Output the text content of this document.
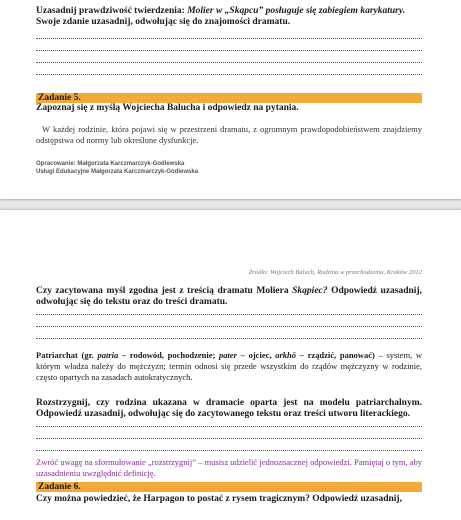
Uzasadnij prawdziwość twierdzenia: Molier w „Skąpcu” posługuje się zabiegiem karykatury.
Swoje zdanie uzasadnij, odwołując się do znajomości dramatu.
Zadanie 5.
Zapoznaj się z myślą Wojciecha Balucha i odpowiedz na pytania.
W każdej rodzinie, która pojawi się w przestrzeni dramatu, z ogromnym prawdopodobieństwem znajdziemy odstępstwa od normy lub określone dysfunkcje.
Opracowanie: Małgorzata Karczmarczyk-Godlewska
Usługi Edukacyjne Małgorzata Karczmarczyk-Godlewska
Źródło: Wojciech Baluch, Rodzina w przechodzeniu, Kraków 2012
Czy zacytowana myśl zgodna jest z treścią dramatu Moliera Skąpiec? Odpowiedź uzasadnij, odwołując się do tekstu oraz do treści dramatu.
Patriarchat (gr. patria – rodowód, pochodzenie; pater – ojciec, arkhō – rządzić, panować) – system, w którym władza należy do mężczyzn; termin odnosi się przede wszystkim do rządów mężczyzny w rodzinie, często opartych na zasadach autokratycznych.
Rozstrzygnij, czy rodzina ukazana w dramacie oparta jest na modelu patriarchalnym. Odpowiedź uzasadnij, odwołując się do zacytowanego tekstu oraz treści utworu literackiego.
Zwróć uwagę na sformułowanie „rozstrzygnij” – musisz udzielić jednoznacznej odpowiedzi. Pamiętaj o tym, aby uzasadnieniu uwzględnić definicję.
Zadanie 6.
Czy można powiedzieć, że Harpagon to postać z rysem tragicznym? Odpowiedź uzasadnij,
